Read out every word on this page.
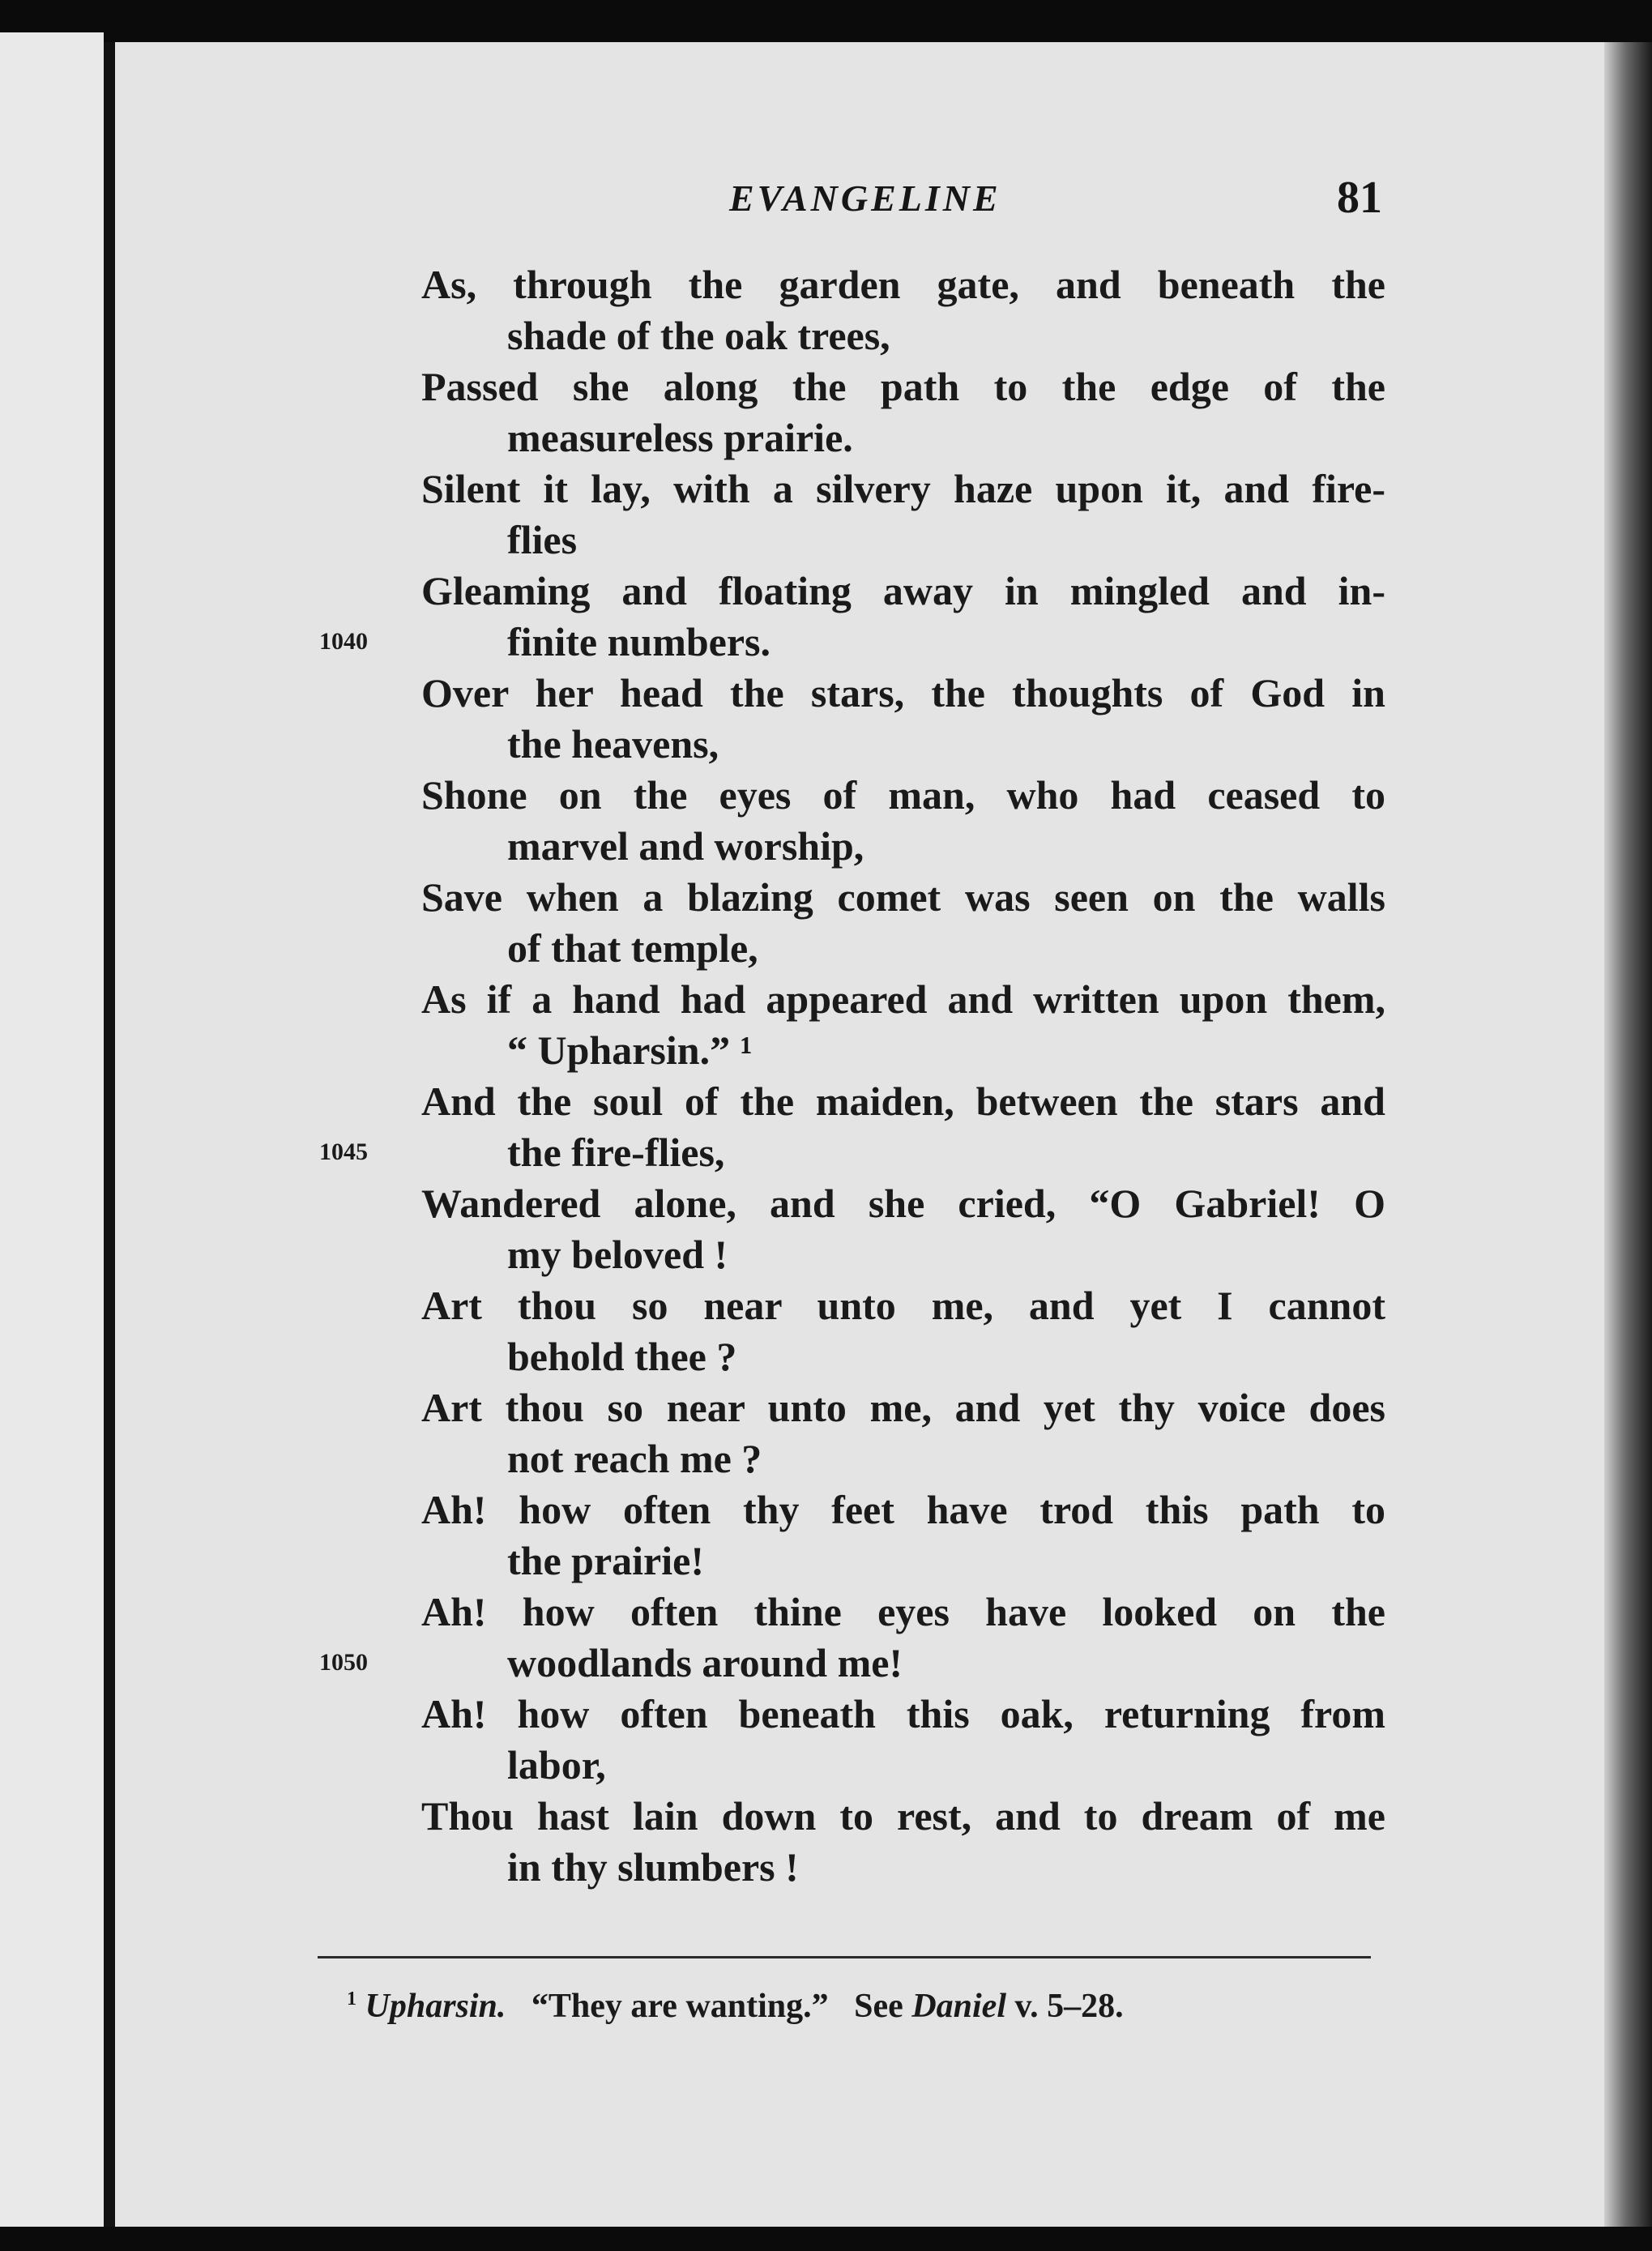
EVANGELINE	81
As, through the garden gate, and beneath the
shade of the oak trees,
Passed she along the path to the edge of the
measureless prairie.
Silent it lay, with a silvery haze upon it, and fire-
flies
Gleaming and floating away in mingled and in-
finite numbers.
Over her head the stars, the thoughts of God in
the heavens,
Shone on the eyes of man, who had ceased to
marvel and worship,
Save when a blazing comet was seen on the walls
of that temple,
As if a hand had appeared and written upon them,
“ Upharsin.” ¹
And the soul of the maiden, between the stars and
the fire-flies,
Wandered alone, and she cried, “O Gabriel! O
my beloved !
Art thou so near unto me, and yet I cannot
behold thee ?
Art thou so near unto me, and yet thy voice does
not reach me ?
Ah! how often thy feet have trod this path to
the prairie!
Ah! how often thine eyes have looked on the
woodlands around me!
Ah! how often beneath this oak, returning from
labor,
Thou hast lain down to rest, and to dream of me
in thy slumbers !
1040
1045
1050
$^1$ Upharsin. “They are wanting.” See Daniel v. 5–28.
